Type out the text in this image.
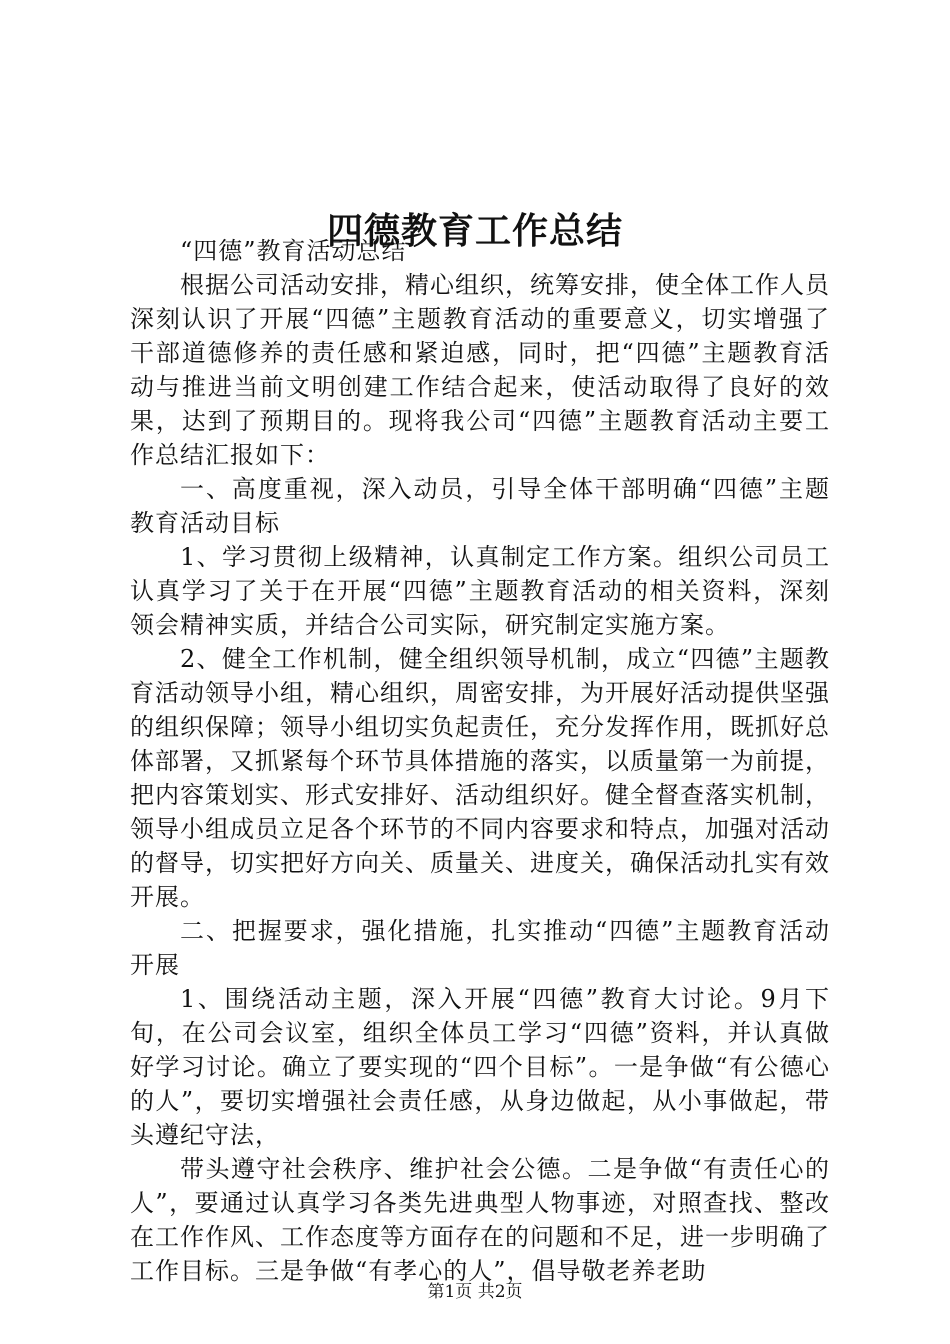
四德教育工作总结

“四德”教育活动总结

根据公司活动安排，精心组织，统筹安排，使全体工作人员深刻认识了开展“四德”主题教育活动的重要意义，切实增强了干部道德修养的责任感和紧迫感，同时，把“四德”主题教育活动与推进当前文明创建工作结合起来，使活动取得了良好的效果，达到了预期目的。现将我公司“四德”主题教育活动主要工作总结汇报如下：

一、高度重视，深入动员，引导全体干部明确“四德”主题教育活动目标

1、学习贯彻上级精神，认真制定工作方案。组织公司员工认真学习了关于在开展“四德”主题教育活动的相关资料，深刻领会精神实质，并结合公司实际，研究制定实施方案。

2、健全工作机制，健全组织领导机制，成立“四德”主题教育活动领导小组，精心组织，周密安排，为开展好活动提供坚强的组织保障；领导小组切实负起责任，充分发挥作用，既抓好总体部署，又抓紧每个环节具体措施的落实，以质量第一为前提，把内容策划实、形式安排好、活动组织好。健全督查落实机制，领导小组成员立足各个环节的不同内容要求和特点，加强对活动的督导，切实把好方向关、质量关、进度关，确保活动扎实有效开展。

二、把握要求，强化措施，扎实推动“四德”主题教育活动开展

1、围绕活动主题，深入开展“四德”教育大讨论。9月下旬，在公司会议室，组织全体员工学习“四德”资料，并认真做好学习讨论。确立了要实现的“四个目标”。一是争做“有公德心的人”，要切实增强社会责任感，从身边做起，从小事做起，带头遵纪守法，

带头遵守社会秩序、维护社会公德。二是争做“有责任心的人”，要通过认真学习各类先进典型人物事迹，对照查找、整改在工作作风、工作态度等方面存在的问题和不足，进一步明确了工作目标。三是争做“有孝心的人”，倡导敬老养老助

第1页 共2页
